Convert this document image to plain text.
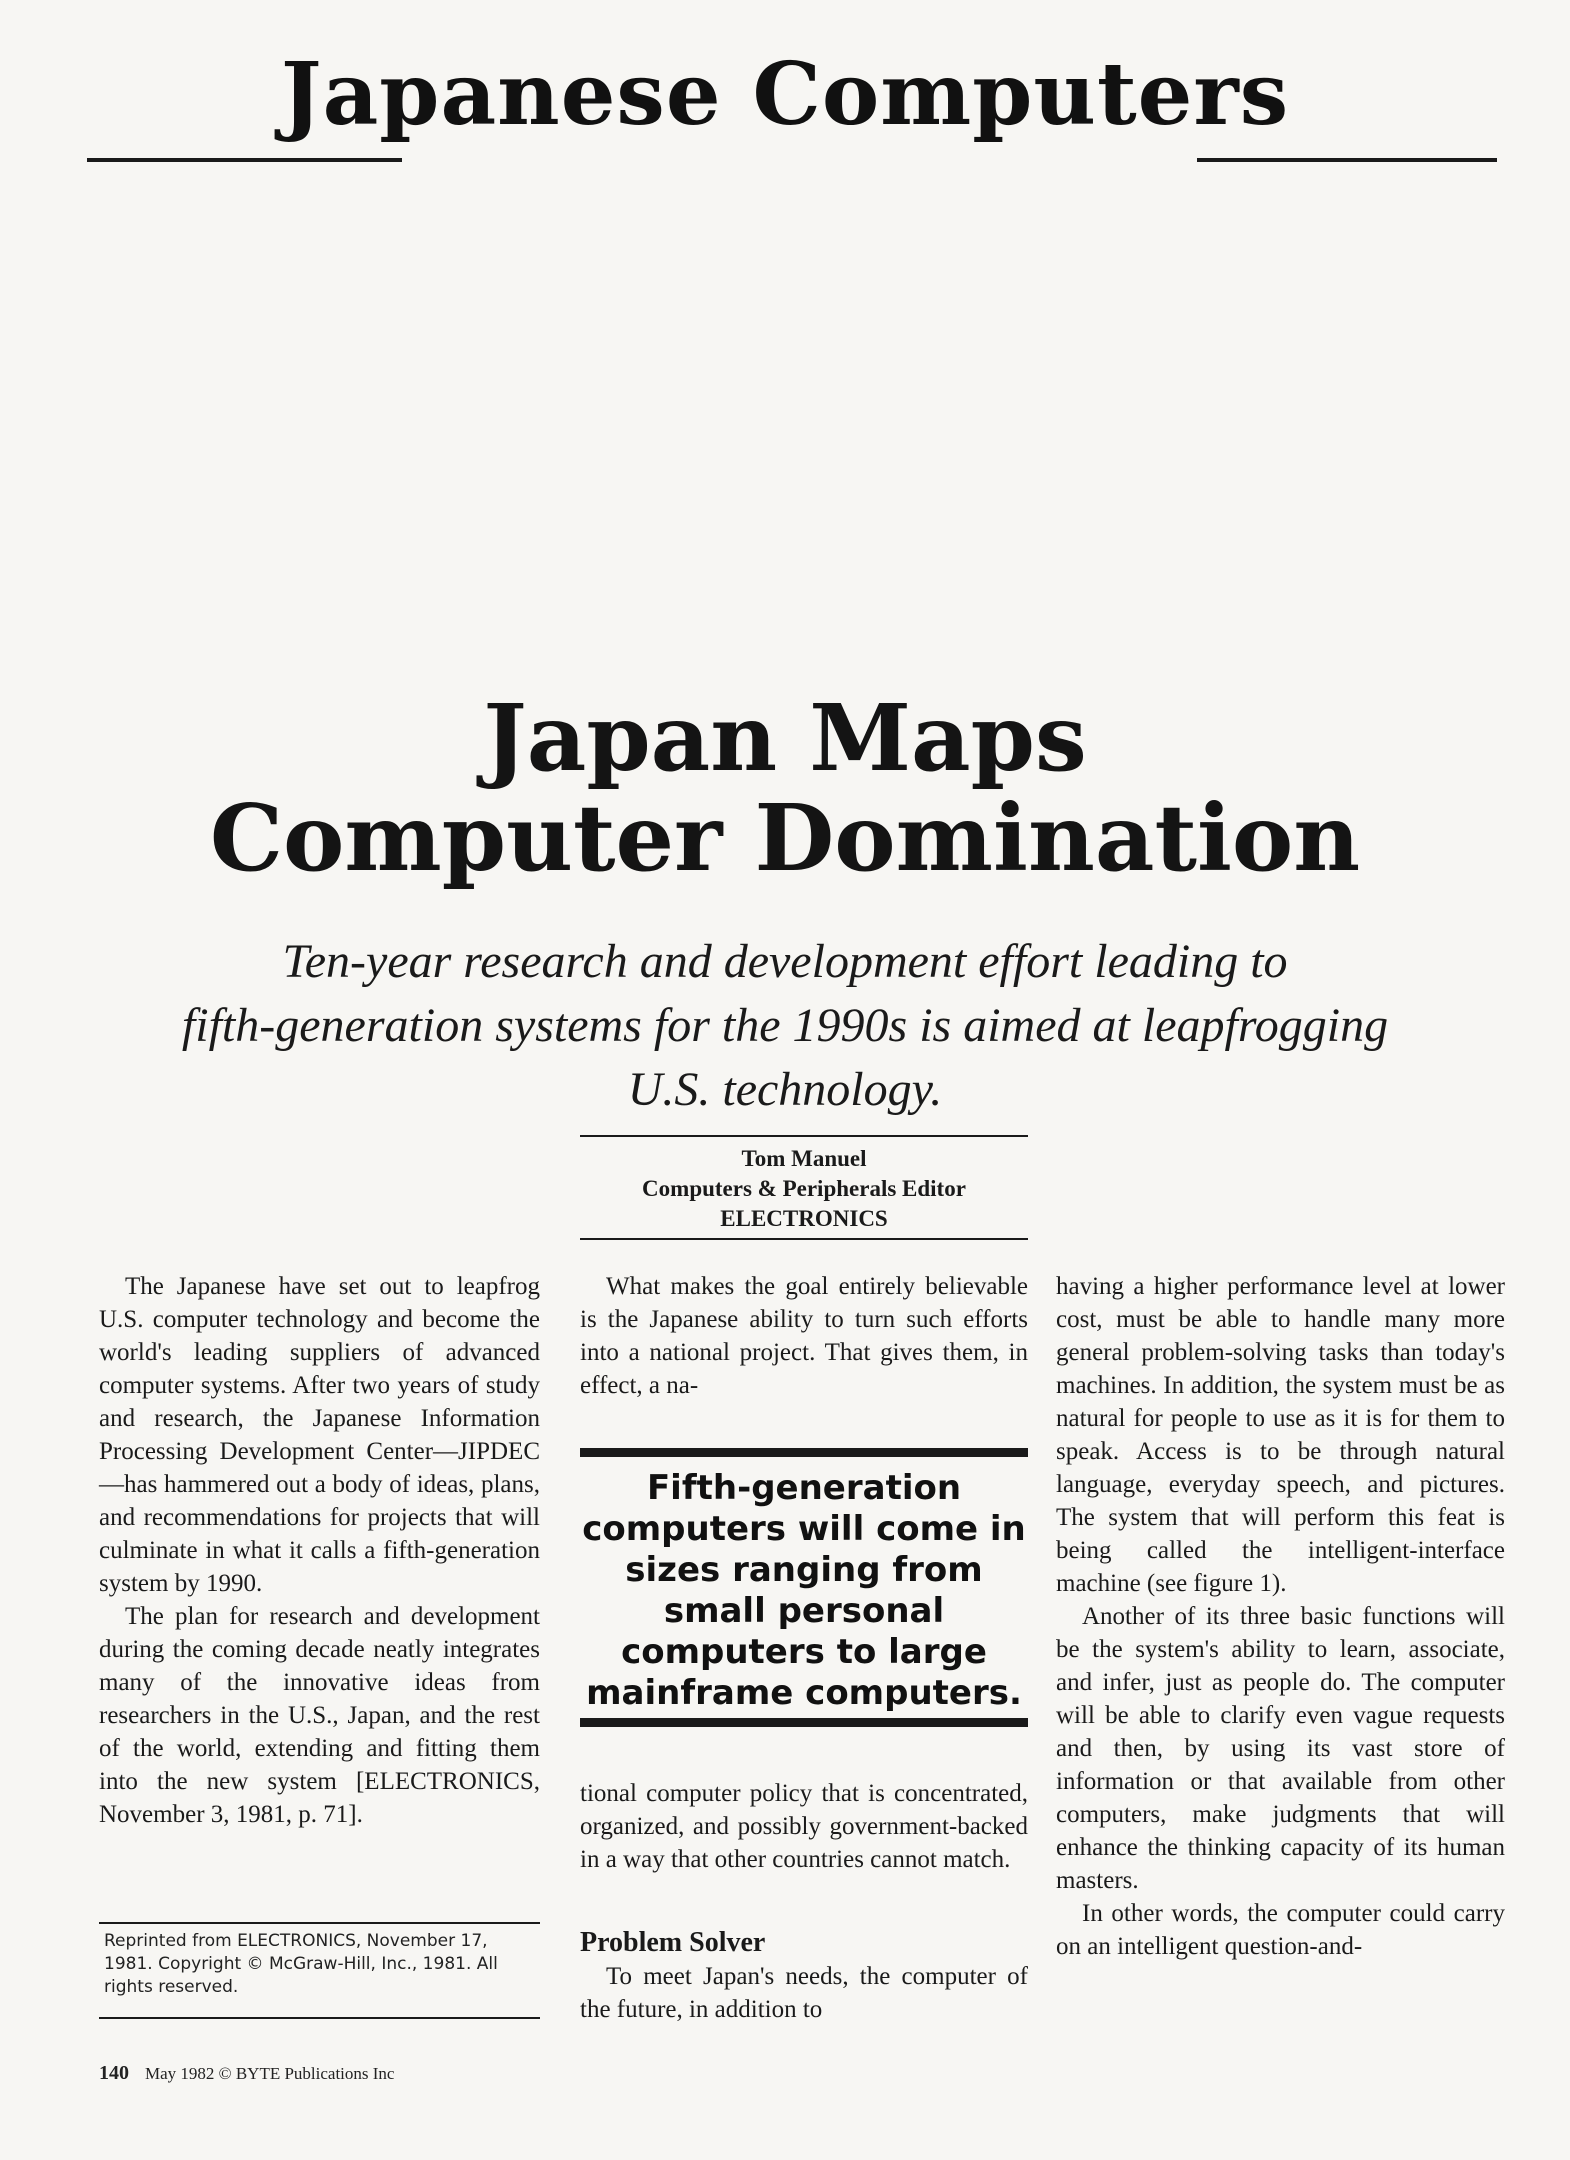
Japanese Computers
Japan Maps
Computer Domination
Ten-year research and development effort leading to
fifth-generation systems for the 1990s is aimed at leapfrogging
U.S. technology.
Tom Manuel
Computers & Peripherals Editor
ELECTRONICS

The Japanese have set out to leapfrog U.S. computer technology and become the world's leading suppliers of advanced computer systems. After two years of study and research, the Japanese Information Processing Development Center—JIPDEC—has hammered out a body of ideas, plans, and recommendations for projects that will culminate in what it calls a fifth-generation system by 1990.

The plan for research and development during the coming decade neatly integrates many of the innovative ideas from researchers in the U.S., Japan, and the rest of the world, extending and fitting them into the new system [ELECTRONICS, November 3, 1981, p. 71].

Reprinted from ELECTRONICS, November 17, 1981. Copyright © McGraw-Hill, Inc., 1981. All rights reserved.

What makes the goal entirely believable is the Japanese ability to turn such efforts into a national project. That gives them, in effect, a na-

Fifth-generation computers will come in sizes ranging from small personal computers to large mainframe computers.

tional computer policy that is concentrated, organized, and possibly government-backed in a way that other countries cannot match.

Problem Solver

To meet Japan's needs, the computer of the future, in addition to

having a higher performance level at lower cost, must be able to handle many more general problem-solving tasks than today's machines. In addition, the system must be as natural for people to use as it is for them to speak. Access is to be through natural language, everyday speech, and pictures. The system that will perform this feat is being called the intelligent-interface machine (see figure 1).

Another of its three basic functions will be the system's ability to learn, associate, and infer, just as people do. The computer will be able to clarify even vague requests and then, by using its vast store of information or that available from other computers, make judgments that will enhance the thinking capacity of its human masters.

In other words, the computer could carry on an intelligent question-and-

140 May 1982 © BYTE Publications Inc
